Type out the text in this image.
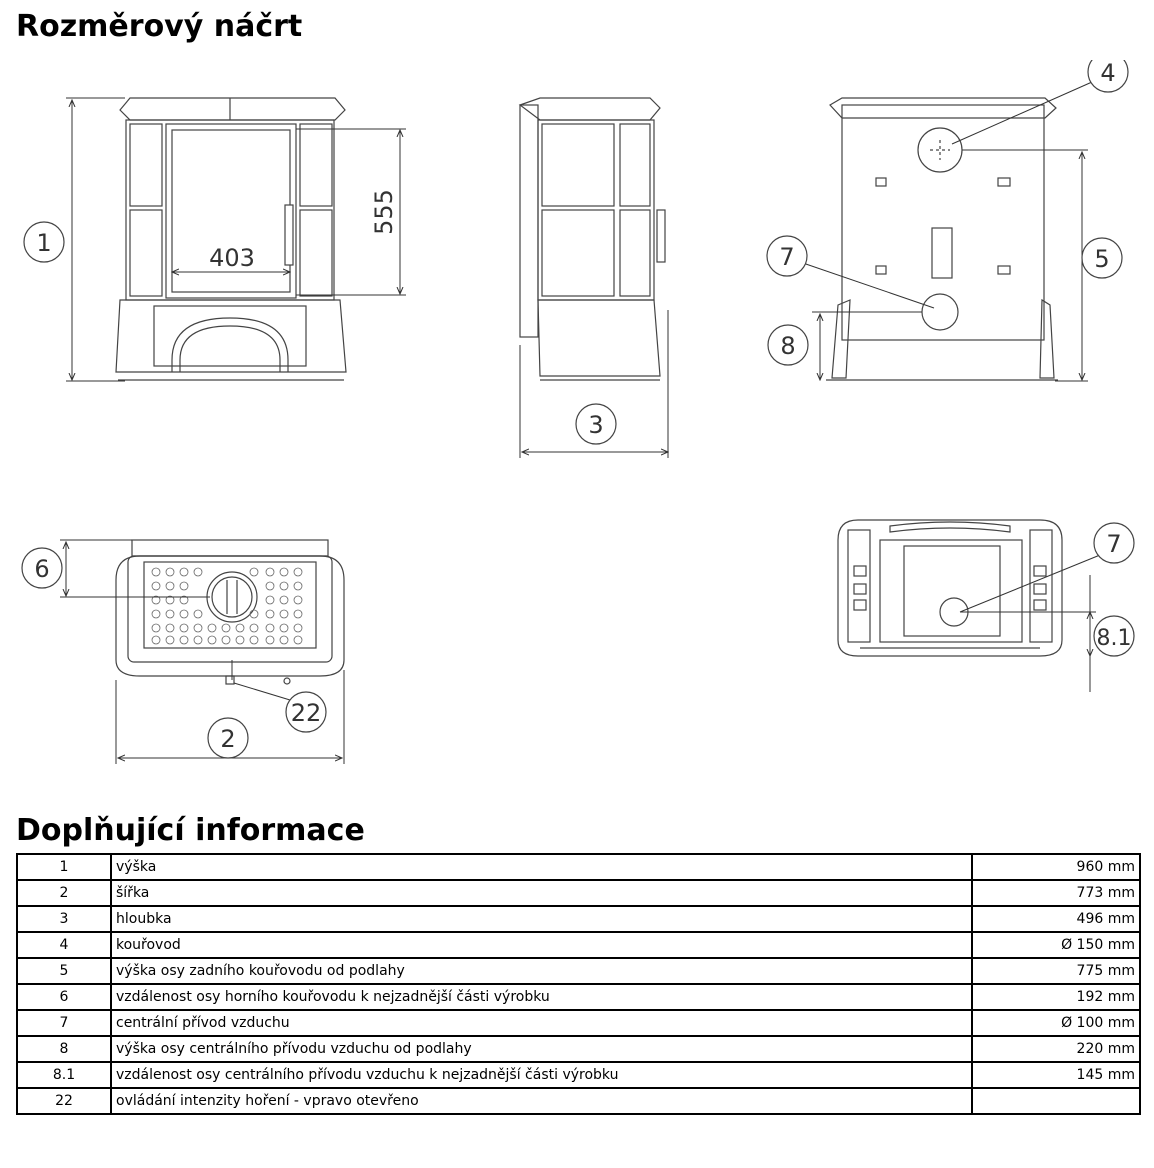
Rozměrový náčrt
403
555
1
2
3
4
5
6
7
7
8
8.1
22
Doplňující informace
1	výška	960 mm
2	šířka	773 mm
3	hloubka	496 mm
4	kouřovod	Ø 150 mm
5	výška osy zadního kouřovodu od podlahy	775 mm
6	vzdálenost osy horního kouřovodu k nejzadnější části výrobku	192 mm
7	centrální přívod vzduchu	Ø 100 mm
8	výška osy centrálního přívodu vzduchu od podlahy	220 mm
8.1	vzdálenost osy centrálního přívodu vzduchu k nejzadnější části výrobku	145 mm
22	ovládání intenzity hoření - vpravo otevřeno	
